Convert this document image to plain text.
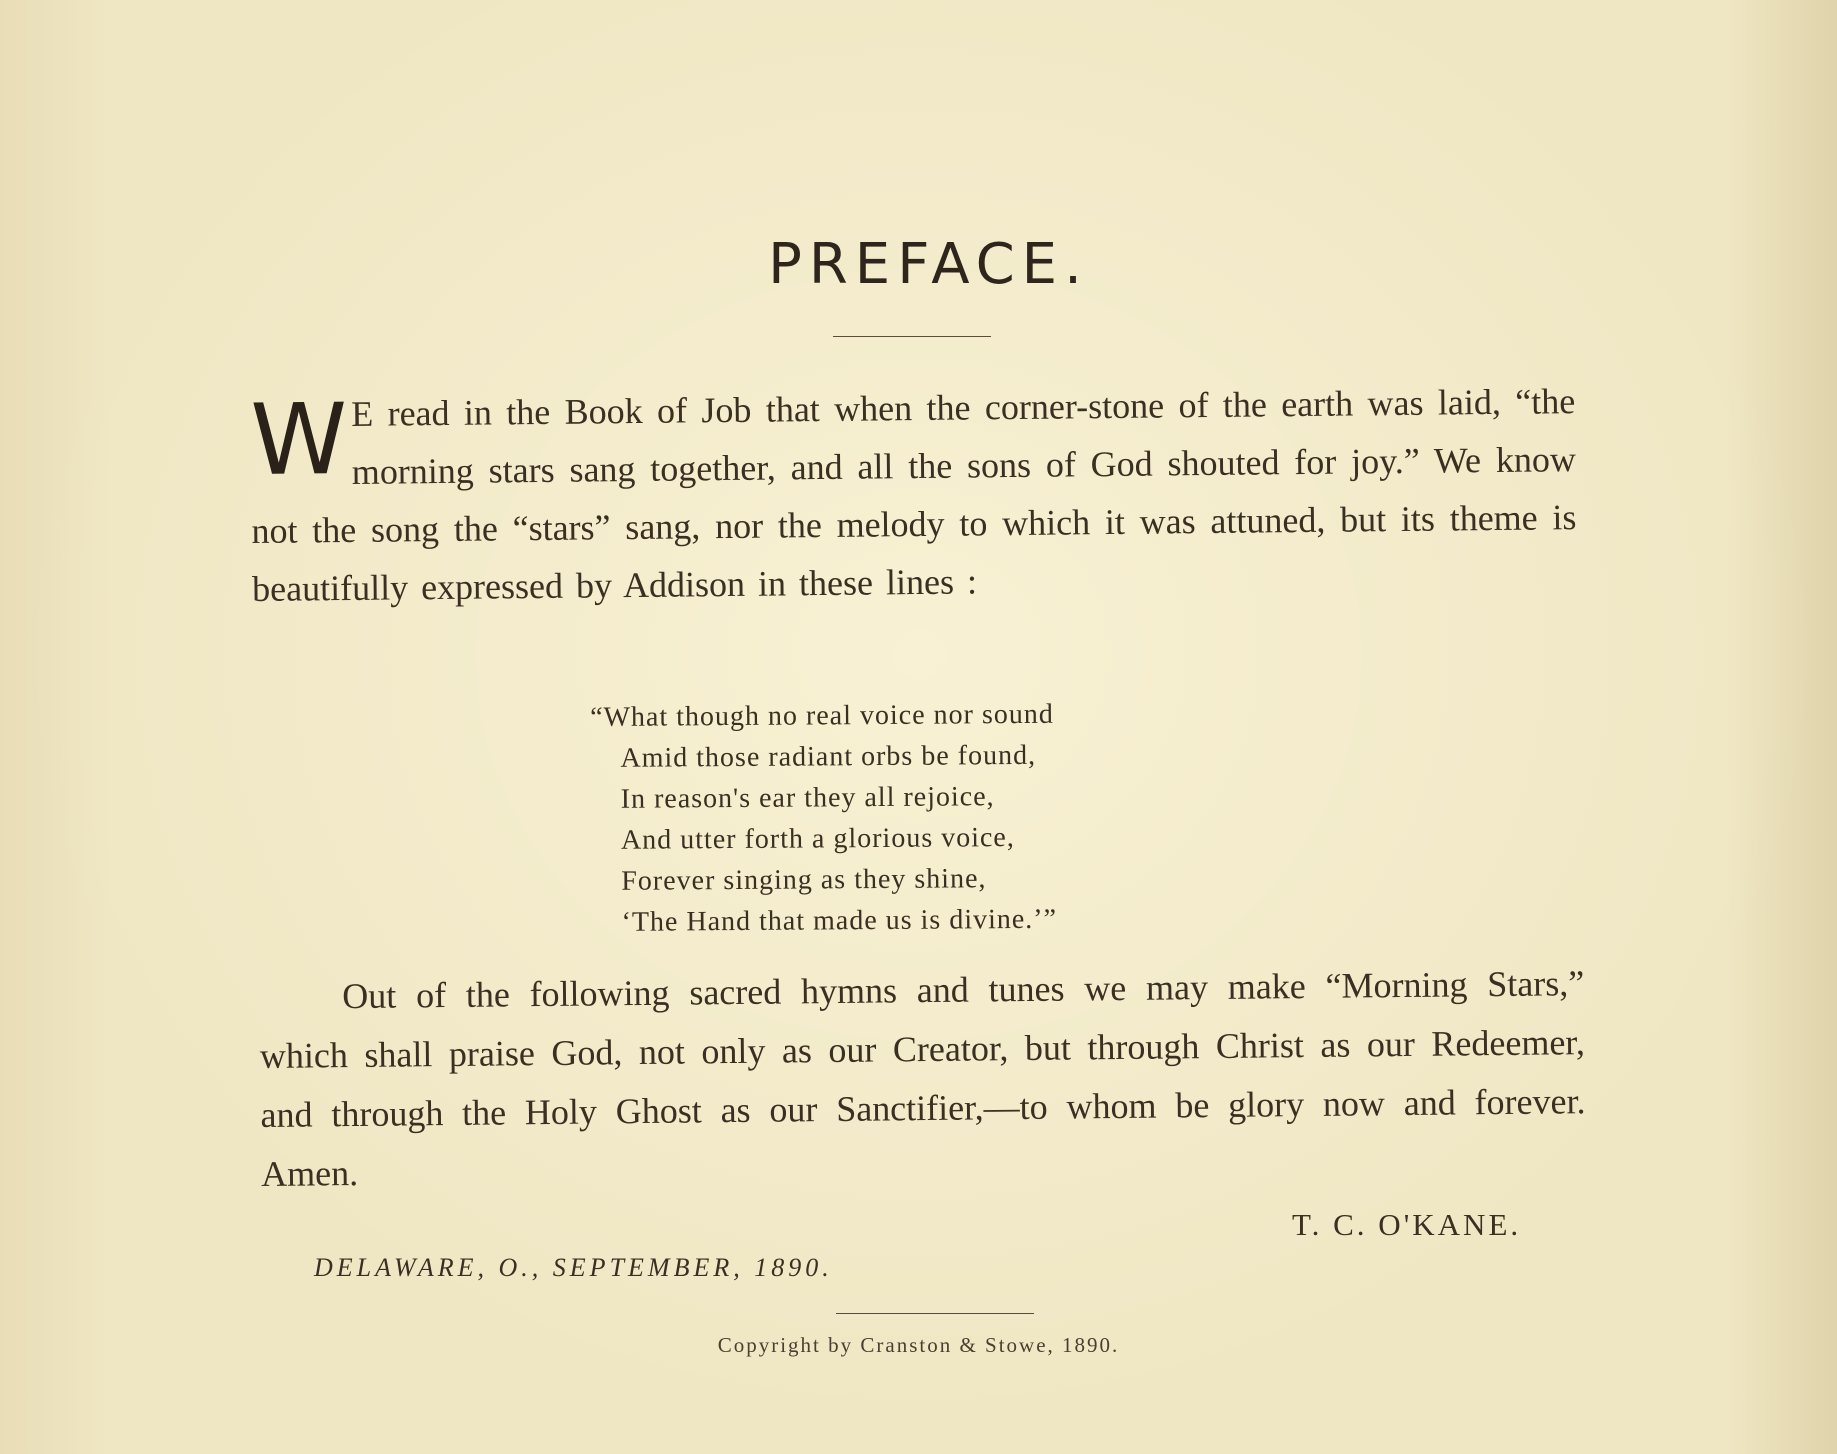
PREFACE.
W E read in the Book of Job that when the corner-stone of the earth was laid, “the morning stars sang together, and all the sons of God shouted for joy.” We know not the song the “stars” sang, nor the melody to which it was attuned, but its theme is beautifully expressed by Addison in these lines :

“What though no real voice nor sound
Amid those radiant orbs be found,
In reason's ear they all rejoice,
And utter forth a glorious voice,
Forever singing as they shine,
‘The Hand that made us is divine.’”

Out of the following sacred hymns and tunes we may make “Morning Stars,” which shall praise God, not only as our Creator, but through Christ as our Redeemer, and through the Holy Ghost as our Sanctifier,—to whom be glory now and forever. Amen.

T. C. O'KANE.
DELAWARE, O., SEPTEMBER, 1890.
Copyright by Cranston & Stowe, 1890.
